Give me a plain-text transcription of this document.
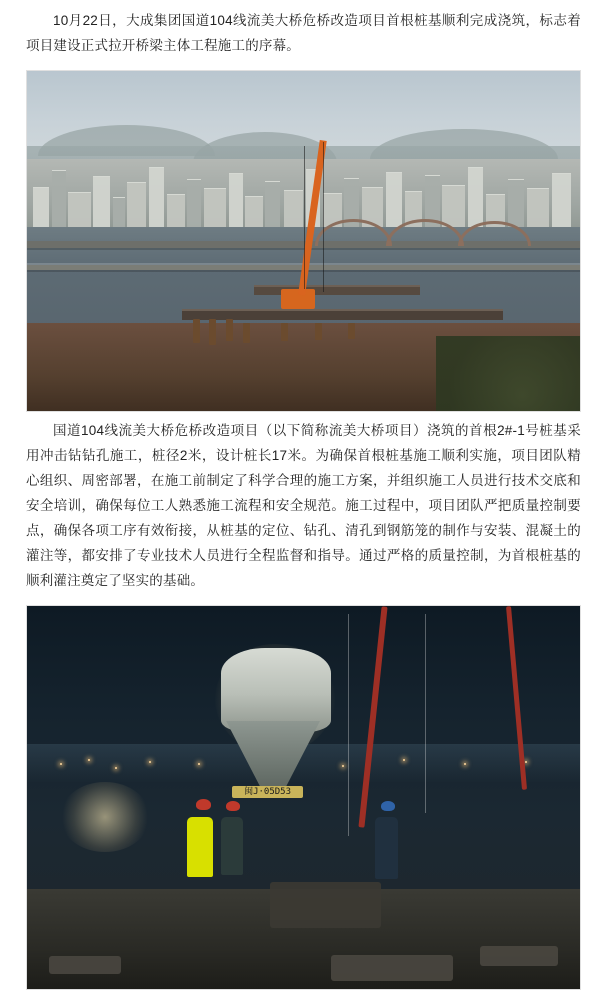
10月22日，大成集团国道104线流美大桥危桥改造项目首根桩基顺利完成浇筑，标志着项目建设正式拉开桥梁主体工程施工的序幕。

国道104线流美大桥危桥改造项目（以下简称流美大桥项目）浇筑的首根2#-1号桩基采用冲击钻钻孔施工，桩径2米，设计桩长17米。为确保首根桩基施工顺利实施，项目团队精心组织、周密部署，在施工前制定了科学合理的施工方案，并组织施工人员进行技术交底和安全培训，确保每位工人熟悉施工流程和安全规范。施工过程中，项目团队严把质量控制要点，确保各项工序有效衔接，从桩基的定位、钻孔、清孔到钢筋笼的制作与安装、混凝土的灌注等，都安排了专业技术人员进行全程监督和指导。通过严格的质量控制，为首根桩基的顺利灌注奠定了坚实的基础。

闽J·05D53
